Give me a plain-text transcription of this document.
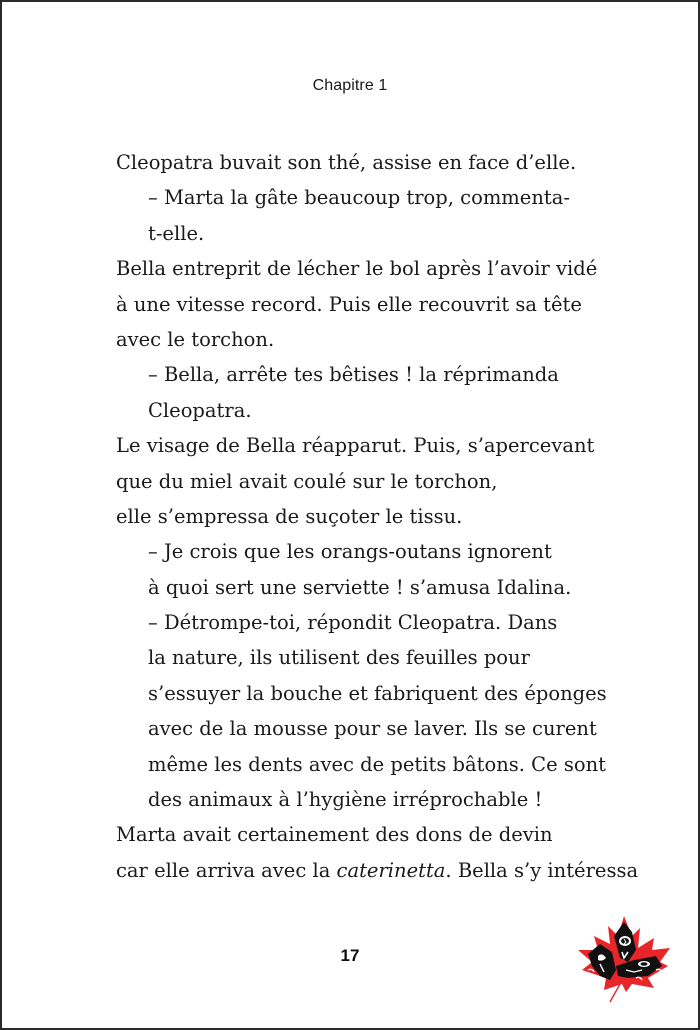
Chapitre 1
Cleopatra buvait son thé, assise en face d’elle.
– Marta la gâte beaucoup trop, commenta-
t-elle.
Bella entreprit de lécher le bol après l’avoir vidé
à une vitesse record. Puis elle recouvrit sa tête
avec le torchon.
– Bella, arrête tes bêtises ! la réprimanda
Cleopatra.
Le visage de Bella réapparut. Puis, s’apercevant
que du miel avait coulé sur le torchon,
elle s’empressa de suçoter le tissu.
– Je crois que les orangs-outans ignorent
à quoi sert une serviette ! s’amusa Idalina.
– Détrompe-toi, répondit Cleopatra. Dans
la nature, ils utilisent des feuilles pour
s’essuyer la bouche et fabriquent des éponges
avec de la mousse pour se laver. Ils se curent
même les dents avec de petits bâtons. Ce sont
des animaux à l’hygiène irréprochable !
Marta avait certainement des dons de devin
car elle arriva avec la caterinetta. Bella s’y intéressa
17
